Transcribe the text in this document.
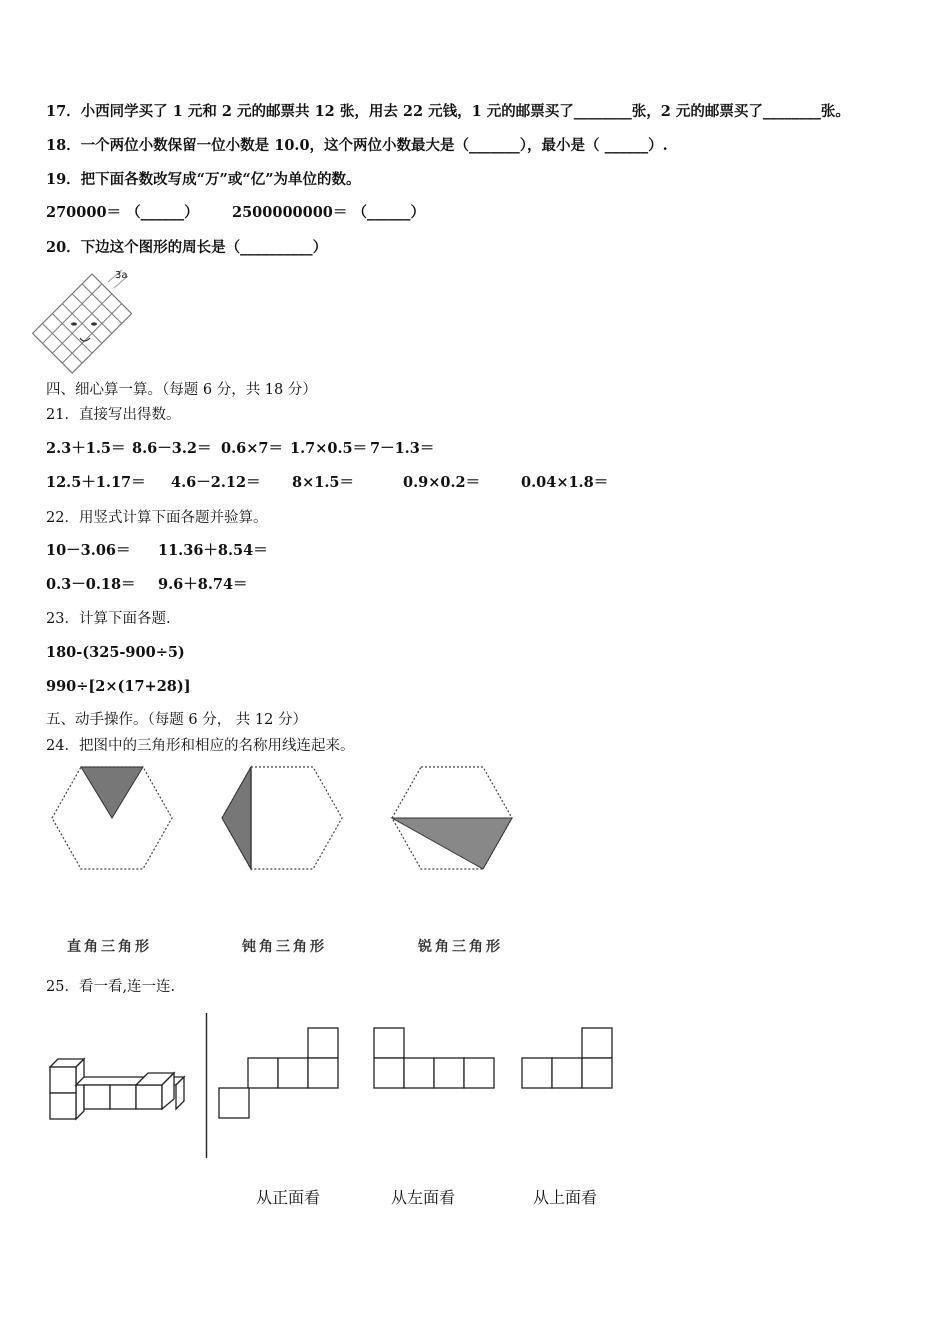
17．小西同学买了 1 元和 2 元的邮票共 12 张，用去 22 元钱，1 元的邮票买了________张，2 元的邮票买了________张。
18．一个两位小数保留一位小数是 10.0，这个两位小数最大是（_______），最小是（ ______）.
19．把下面各数改写成“万”或“亿”为单位的数。
270000＝ （______） 2500000000＝ （______）
20．下边这个图形的周长是（__________）
3a
四、细心算一算。（每题 6 分，共 18 分）
21．直接写出得数。
2.3＋1.5＝ 8.6－3.2＝ 0.6×7＝ 1.7×0.5＝ 7－1.3＝
12.5＋1.17＝ 4.6－2.12＝ 8×1.5＝	0.9×0.2＝	0.04×1.8＝
22．用竖式计算下面各题并验算。
10－3.06＝ 11.36＋8.54＝
0.3－0.18＝ 9.6＋8.74＝
23．计算下面各题.
180-(325-900÷5)
990÷[2×(17+28)]
五、动手操作。（每题 6 分， 共 12 分）
24．把图中的三角形和相应的名称用线连起来。
直角三角形	钝角三角形	锐角三角形
25．看一看,连一连.
从正面看	从左面看	从上面看
